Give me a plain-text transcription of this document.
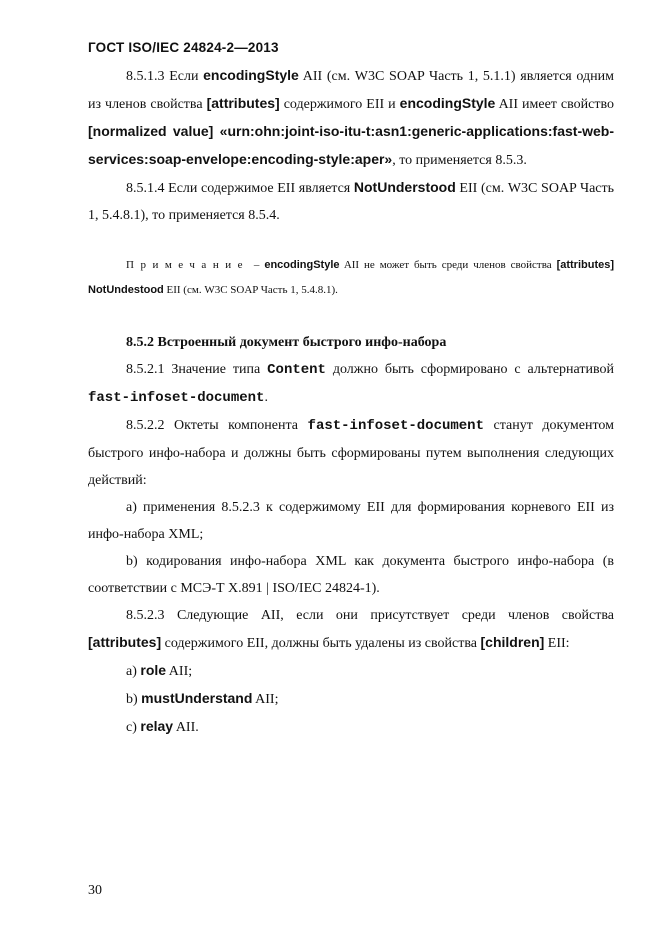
ГОСТ ISO/IEC 24824-2—2013

8.5.1.3 Если encodingStyle AII (см. W3C SOAP Часть 1, 5.1.1) является одним из членов свойства [attributes] содержимого EII и encodingStyle AII имеет свойство [normalized value] «urn:ohn:joint-iso-itu-t:asn1:generic-applications:fast-web-services:soap-envelope:encoding-style:aper», то применяется 8.5.3.

8.5.1.4 Если содержимое EII является NotUnderstood EII (см. W3C SOAP Часть 1, 5.4.8.1), то применяется 8.5.4.

Примечание – encodingStyle AII не может быть среди членов свойства [attributes] NotUndestood EII (см. W3C SOAP Часть 1, 5.4.8.1).

8.5.2 Встроенный документ быстрого инфо-набора

8.5.2.1 Значение типа Content должно быть сформировано с альтернативой fast-infoset-document.

8.5.2.2 Октеты компонента fast-infoset-document станут документом быстрого инфо-набора и должны быть сформированы путем выполнения следующих действий:

а) применения 8.5.2.3 к содержимому EII для формирования корневого EII из инфо-набора XML;

b) кодирования инфо-набора XML как документа быстрого инфо-набора (в соответствии с МСЭ-Т X.891 | ISO/IEC 24824-1).

8.5.2.3 Следующие AII, если они присутствует среди членов свойства [attributes] содержимого EII, должны быть удалены из свойства [children] EII:

a) role AII;

b) mustUnderstand AII;

c) relay AII.

30
